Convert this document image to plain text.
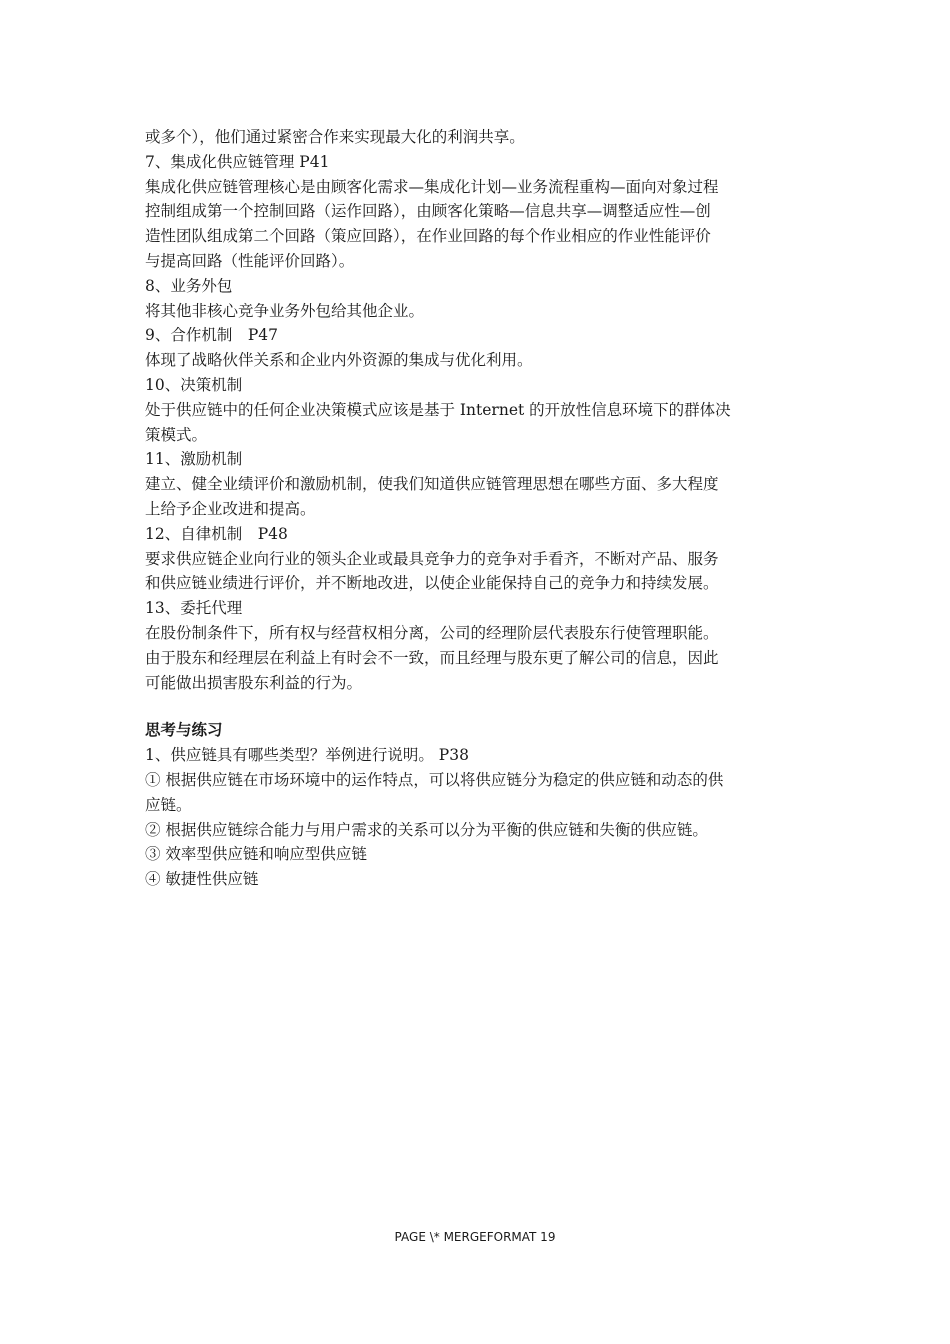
或多个），他们通过紧密合作来实现最大化的利润共享。
7、集成化供应链管理 P41
集成化供应链管理核心是由顾客化需求—集成化计划—业务流程重构—面向对象过程
控制组成第一个控制回路（运作回路），由顾客化策略—信息共享—调整适应性—创
造性团队组成第二个回路（策应回路），在作业回路的每个作业相应的作业性能评价
与提高回路（性能评价回路）。
8、业务外包
将其他非核心竞争业务外包给其他企业。
9、合作机制　P47
体现了战略伙伴关系和企业内外资源的集成与优化利用。
10、决策机制
处于供应链中的任何企业决策模式应该是基于 Internet 的开放性信息环境下的群体决
策模式。
11、激励机制
建立、健全业绩评价和激励机制，使我们知道供应链管理思想在哪些方面、多大程度
上给予企业改进和提高。
12、自律机制　P48
要求供应链企业向行业的领头企业或最具竞争力的竞争对手看齐，不断对产品、服务
和供应链业绩进行评价，并不断地改进，以使企业能保持自己的竞争力和持续发展。
13、委托代理
在股份制条件下，所有权与经营权相分离，公司的经理阶层代表股东行使管理职能。
由于股东和经理层在利益上有时会不一致，而且经理与股东更了解公司的信息，因此
可能做出损害股东利益的行为。
思考与练习
1、供应链具有哪些类型？举例进行说明。 P38
① 根据供应链在市场环境中的运作特点，可以将供应链分为稳定的供应链和动态的供
应链。
② 根据供应链综合能力与用户需求的关系可以分为平衡的供应链和失衡的供应链。
③ 效率型供应链和响应型供应链
④ 敏捷性供应链
PAGE \* MERGEFORMAT 19
